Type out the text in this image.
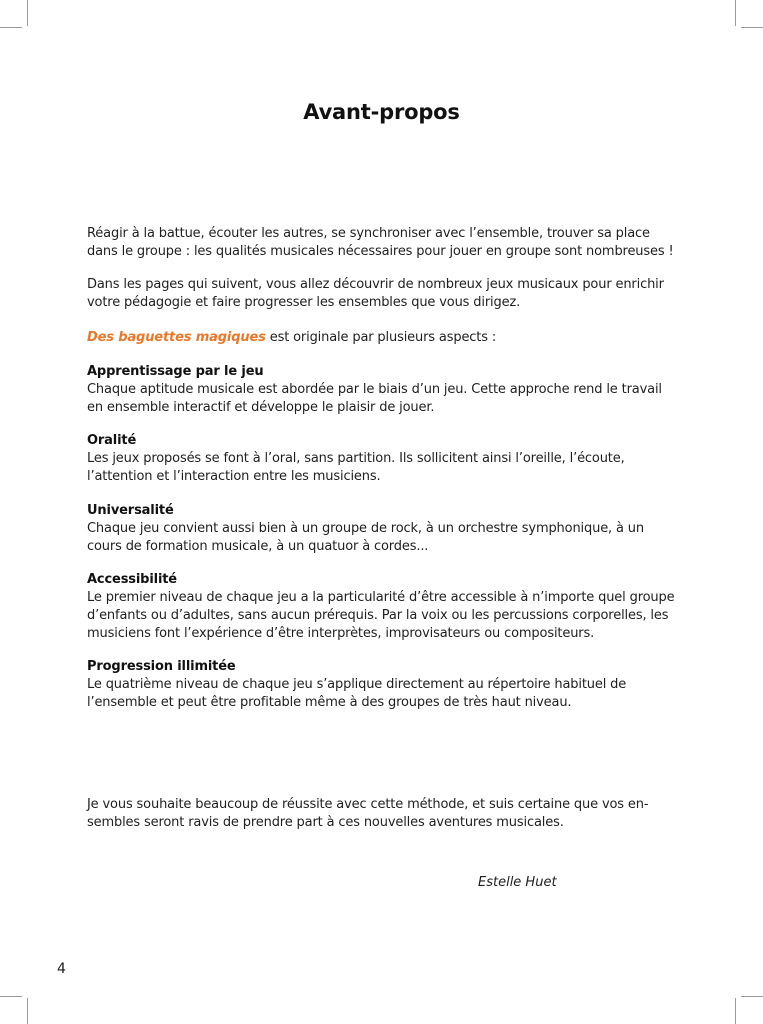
Avant-propos

Réagir à la battue, écouter les autres, se synchroniser avec l’ensemble, trouver sa place

dans le groupe : les qualités musicales nécessaires pour jouer en groupe sont nombreuses !

Dans les pages qui suivent, vous allez découvrir de nombreux jeux musicaux pour enrichir

votre pédagogie et faire progresser les ensembles que vous dirigez.

Des baguettes magiques est originale par plusieurs aspects :

Apprentissage par le jeu

Chaque aptitude musicale est abordée par le biais d’un jeu. Cette approche rend le travail

en ensemble interactif et développe le plaisir de jouer.

Oralité

Les jeux proposés se font à l’oral, sans partition. Ils sollicitent ainsi l’oreille, l’écoute,

l’attention et l’interaction entre les musiciens.

Universalité

Chaque jeu convient aussi bien à un groupe de rock, à un orchestre symphonique, à un

cours de formation musicale, à un quatuor à cordes...

Accessibilité

Le premier niveau de chaque jeu a la particularité d’être accessible à n’importe quel groupe

d’enfants ou d’adultes, sans aucun prérequis. Par la voix ou les percussions corporelles, les

musiciens font l’expérience d’être interprètes, improvisateurs ou compositeurs.

Progression illimitée

Le quatrième niveau de chaque jeu s’applique directement au répertoire habituel de

l’ensemble et peut être profitable même à des groupes de très haut niveau.

Je vous souhaite beaucoup de réussite avec cette méthode, et suis certaine que vos en-

sembles seront ravis de prendre part à ces nouvelles aventures musicales.

Estelle Huet
4
